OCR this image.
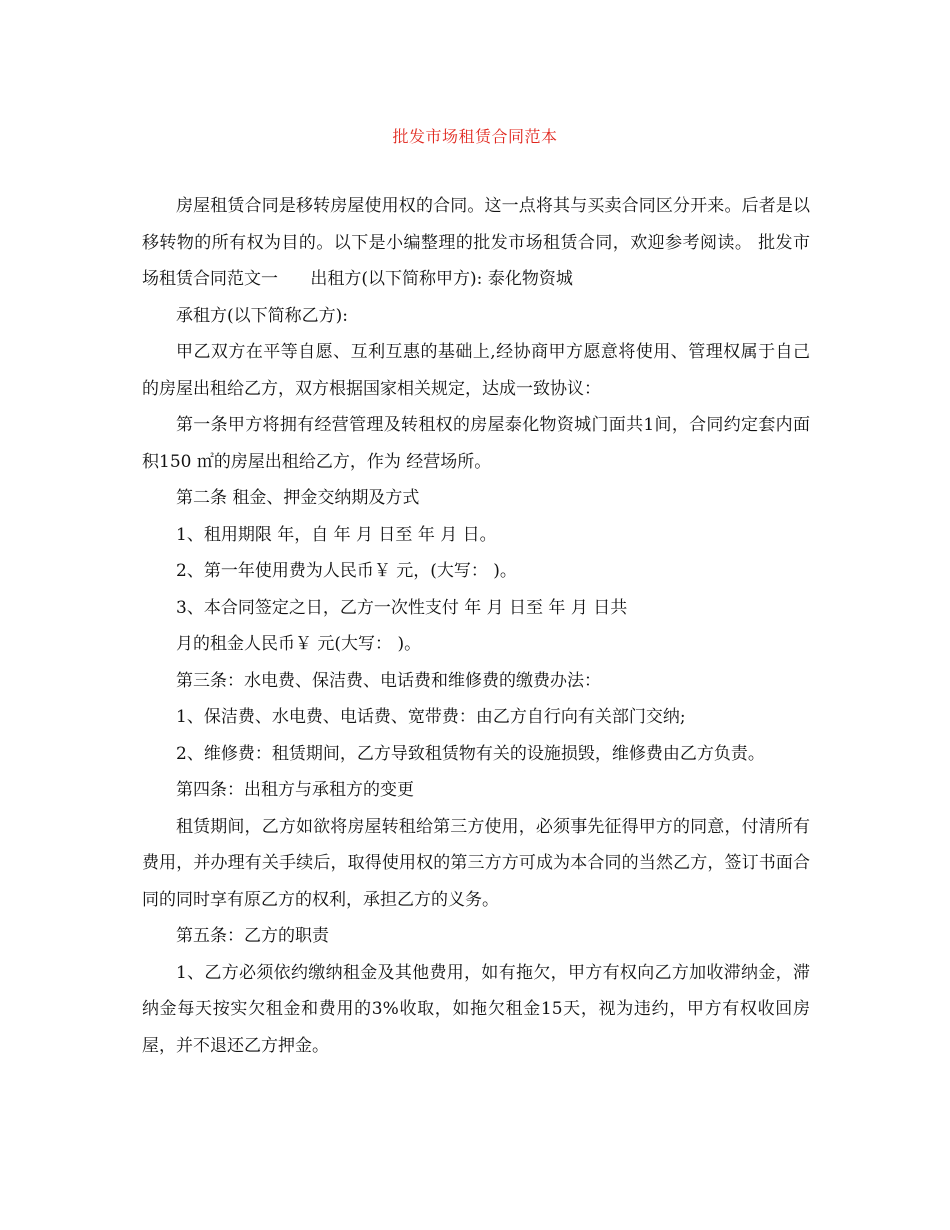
批发市场租赁合同范本

房屋租赁合同是移转房屋使用权的合同。这一点将其与买卖合同区分开来。后者是以移转物的所有权为目的。以下是小编整理的批发市场租赁合同，欢迎参考阅读。 批发市场租赁合同范文一      出租方(以下简称甲方): 泰化物资城

承租方(以下简称乙方):

甲乙双方在平等自愿、互利互惠的基础上,经协商甲方愿意将使用、管理权属于自己的房屋出租给乙方，双方根据国家相关规定，达成一致协议：

第一条甲方将拥有经营管理及转租权的房屋泰化物资城门面共1间，合同约定套内面积150 ㎡的房屋出租给乙方，作为 经营场所。

第二条 租金、押金交纳期及方式

1、租用期限 年，自 年 月 日至 年 月 日。

2、第一年使用费为人民币￥ 元，(大写： )。

3、本合同签定之日，乙方一次性支付 年 月 日至 年 月 日共

月的租金人民币￥ 元(大写： )。

第三条：水电费、保洁费、电话费和维修费的缴费办法：

1、保洁费、水电费、电话费、宽带费：由乙方自行向有关部门交纳;

2、维修费：租赁期间，乙方导致租赁物有关的设施损毁，维修费由乙方负责。

第四条：出租方与承租方的变更

租赁期间，乙方如欲将房屋转租给第三方使用，必须事先征得甲方的同意，付清所有费用，并办理有关手续后，取得使用权的第三方方可成为本合同的当然乙方，签订书面合同的同时享有原乙方的权利，承担乙方的义务。

第五条：乙方的职责

1、乙方必须依约缴纳租金及其他费用，如有拖欠，甲方有权向乙方加收滞纳金，滞纳金每天按实欠租金和费用的3%收取，如拖欠租金15天，视为违约，甲方有权收回房屋，并不退还乙方押金。
